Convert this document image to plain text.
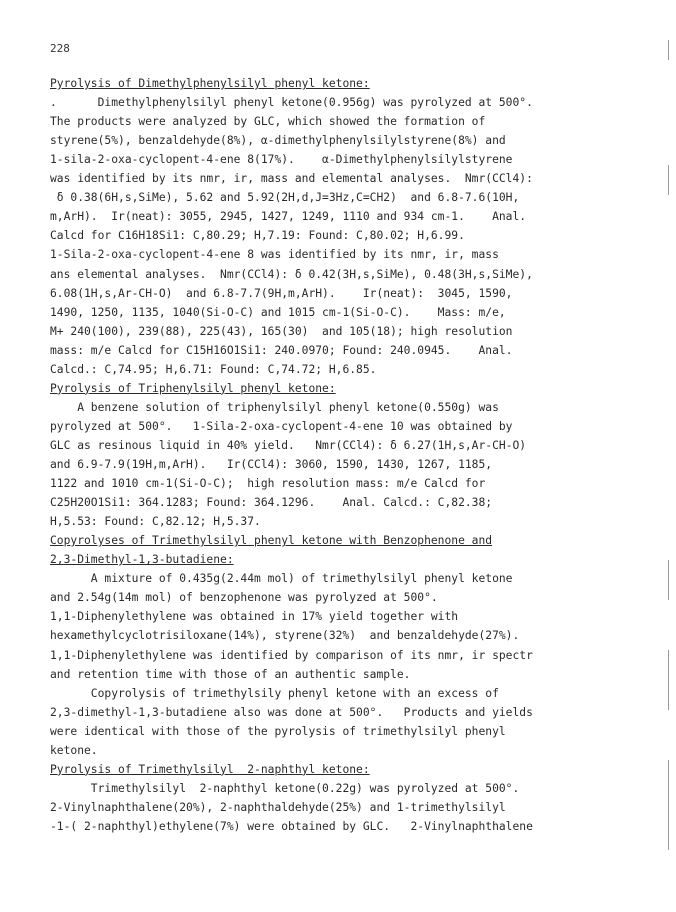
228
Pyrolysis of Dimethylphenylsilyl phenyl ketone:
.      Dimethylphenylsilyl phenyl ketone(0.956g) was pyrolyzed at 500°.
The products were analyzed by GLC, which showed the formation of
styrene(5%), benzaldehyde(8%), α-dimethylphenylsilylstyrene(8%) and
1-sila-2-oxa-cyclopent-4-ene 8(17%).    α-Dimethylphenylsilylstyrene
was identified by its nmr, ir, mass and elemental analyses.  Nmr(CCl4):
δ 0.38(6H,s,SiMe), 5.62 and 5.92(2H,d,J=3Hz,C=CH2)  and 6.8-7.6(10H,
m,ArH).  Ir(neat): 3055, 2945, 1427, 1249, 1110 and 934 cm-1.    Anal.
Calcd for C16H18Si1: C,80.29; H,7.19: Found: C,80.02; H,6.99.
1-Sila-2-oxa-cyclopent-4-ene 8 was identified by its nmr, ir, mass
ans elemental analyses.  Nmr(CCl4): δ 0.42(3H,s,SiMe), 0.48(3H,s,SiMe),
6.08(1H,s,Ar-CH-O)  and 6.8-7.7(9H,m,ArH).    Ir(neat):  3045, 1590,
1490, 1250, 1135, 1040(Si-O-C) and 1015 cm-1(Si-O-C).    Mass: m/e,
M+ 240(100), 239(88), 225(43), 165(30)  and 105(18); high resolution
mass: m/e Calcd for C15H16O1Si1: 240.0970; Found: 240.0945.    Anal.
Calcd.: C,74.95; H,6.71: Found: C,74.72; H,6.85.
Pyrolysis of Triphenylsilyl phenyl ketone:
A benzene solution of triphenylsilyl phenyl ketone(0.550g) was
pyrolyzed at 500°.   1-Sila-2-oxa-cyclopent-4-ene 10 was obtained by
GLC as resinous liquid in 40% yield.   Nmr(CCl4): δ 6.27(1H,s,Ar-CH-O)
and 6.9-7.9(19H,m,ArH).   Ir(CCl4): 3060, 1590, 1430, 1267, 1185,
1122 and 1010 cm-1(Si-O-C);  high resolution mass: m/e Calcd for
C25H20O1Si1: 364.1283; Found: 364.1296.    Anal. Calcd.: C,82.38;
H,5.53: Found: C,82.12; H,5.37.
Copyrolyses of Trimethylsilyl phenyl ketone with Benzophenone and
2,3-Dimethyl-1,3-butadiene:
A mixture of 0.435g(2.44m mol) of trimethylsilyl phenyl ketone
and 2.54g(14m mol) of benzophenone was pyrolyzed at 500°.
1,1-Diphenylethylene was obtained in 17% yield together with
hexamethylcyclotrisiloxane(14%), styrene(32%)  and benzaldehyde(27%).
1,1-Diphenylethylene was identified by comparison of its nmr, ir spectr
and retention time with those of an authentic sample.
Copyrolysis of trimethylsily phenyl ketone with an excess of
2,3-dimethyl-1,3-butadiene also was done at 500°.   Products and yields
were identical with those of the pyrolysis of trimethylsilyl phenyl
ketone.
Pyrolysis of Trimethylsilyl  2-naphthyl ketone:
Trimethylsilyl  2-naphthyl ketone(0.22g) was pyrolyzed at 500°.
2-Vinylnaphthalene(20%), 2-naphthaldehyde(25%) and 1-trimethylsilyl
-1-( 2-naphthyl)ethylene(7%) were obtained by GLC.   2-Vinylnaphthalene
